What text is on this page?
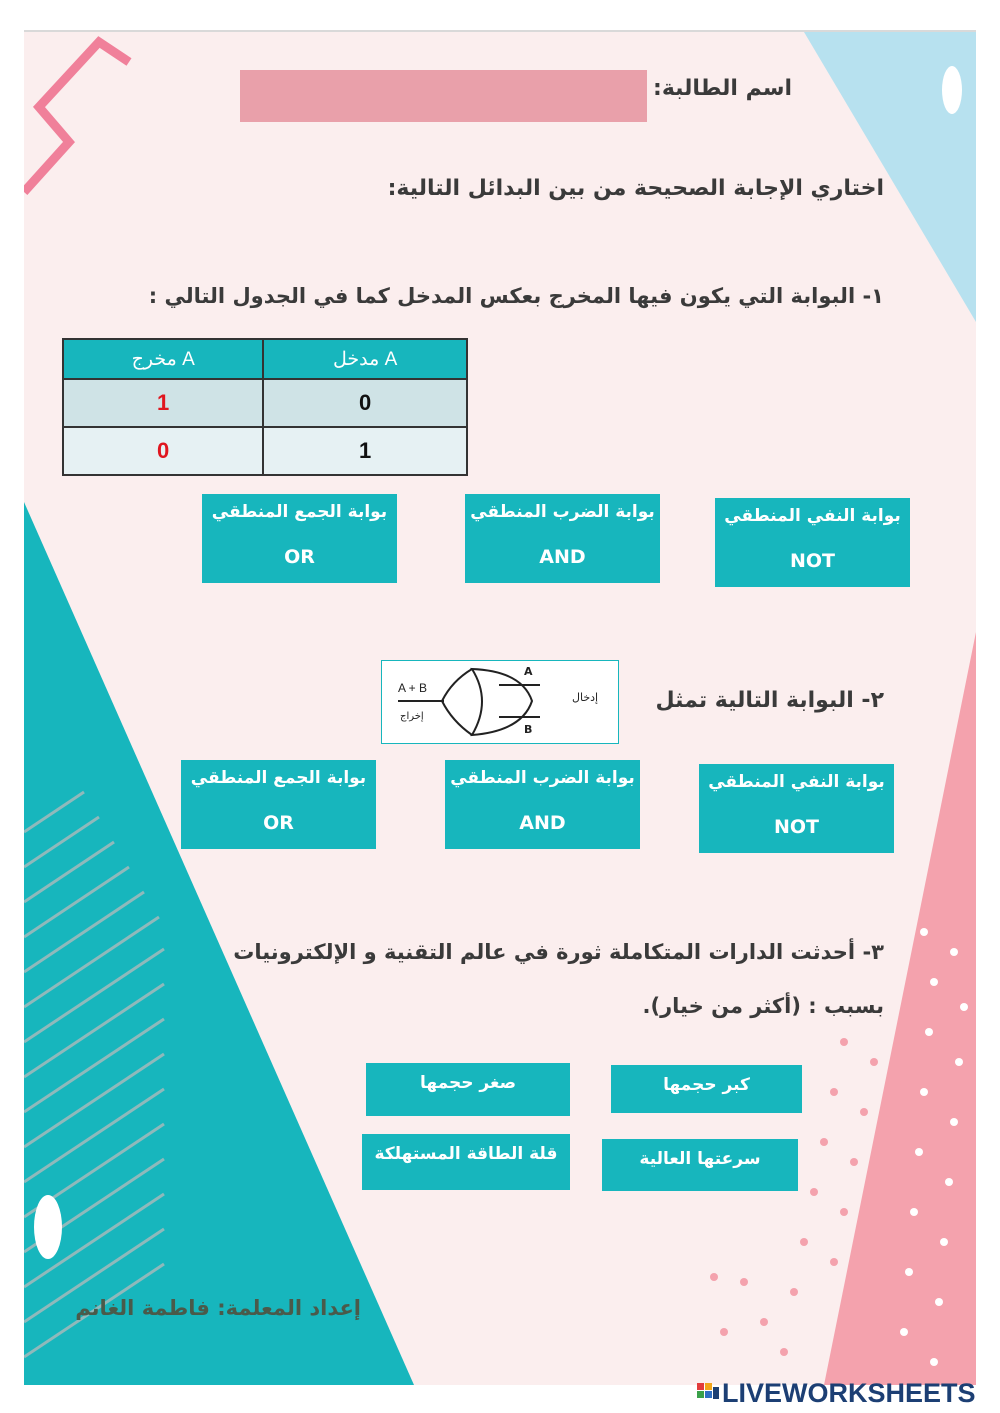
اسم الطالبة:
اختاري الإجابة الصحيحة من بين البدائل التالية:
١- البوابة التي يكون فيها المخرج بعكس المدخل كما في الجدول التالي :
مخرج A	مدخل A
1	0
0	1
بوابة الجمع المنطقي
OR
بوابة الضرب المنطقي
AND
بوابة النفي المنطقي
NOT
٢- البوابة التالية تمثل
A + B
إخراج
A
B
إدخال
بوابة الجمع المنطقي
OR
بوابة الضرب المنطقي
AND
بوابة النفي المنطقي
NOT
٣- أحدثت الدارات المتكاملة ثورة في عالم التقنية و الإلكترونيات
بسبب : (أكثر من خيار).
صغر حجمها	كبر حجمها
قلة الطاقة المستهلكة	سرعتها العالية
إعداد المعلمة: فاطمة الغانم
LIVEWORKSHEETS
